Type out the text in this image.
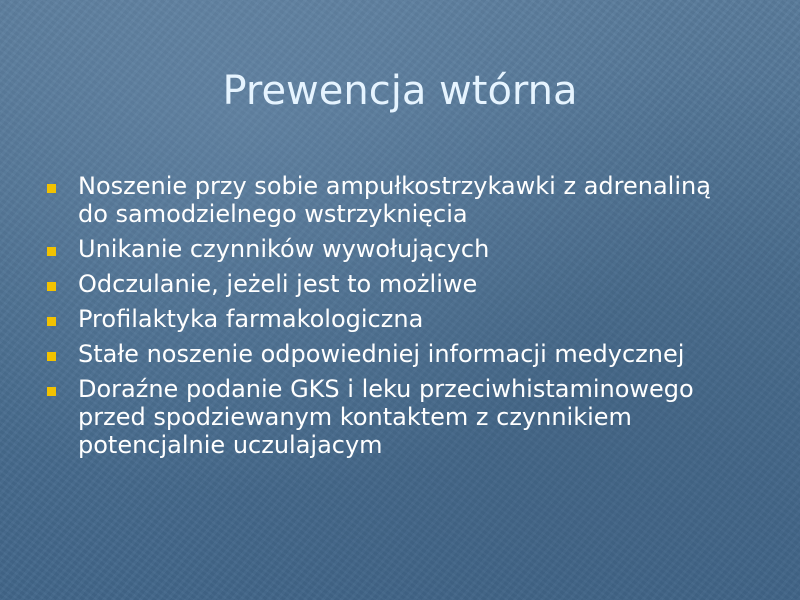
Prewencja wtórna
Noszenie przy sobie ampułkostrzykawki z adrenaliną do samodzielnego wstrzyknięcia
Unikanie czynników wywołujących
Odczulanie, jeżeli jest to możliwe
Profilaktyka farmakologiczna
Stałe noszenie odpowiedniej informacji medycznej
Doraźne podanie GKS i leku przeciwhistaminowego przed spodziewanym kontaktem z czynnikiem potencjalnie uczulajacym
